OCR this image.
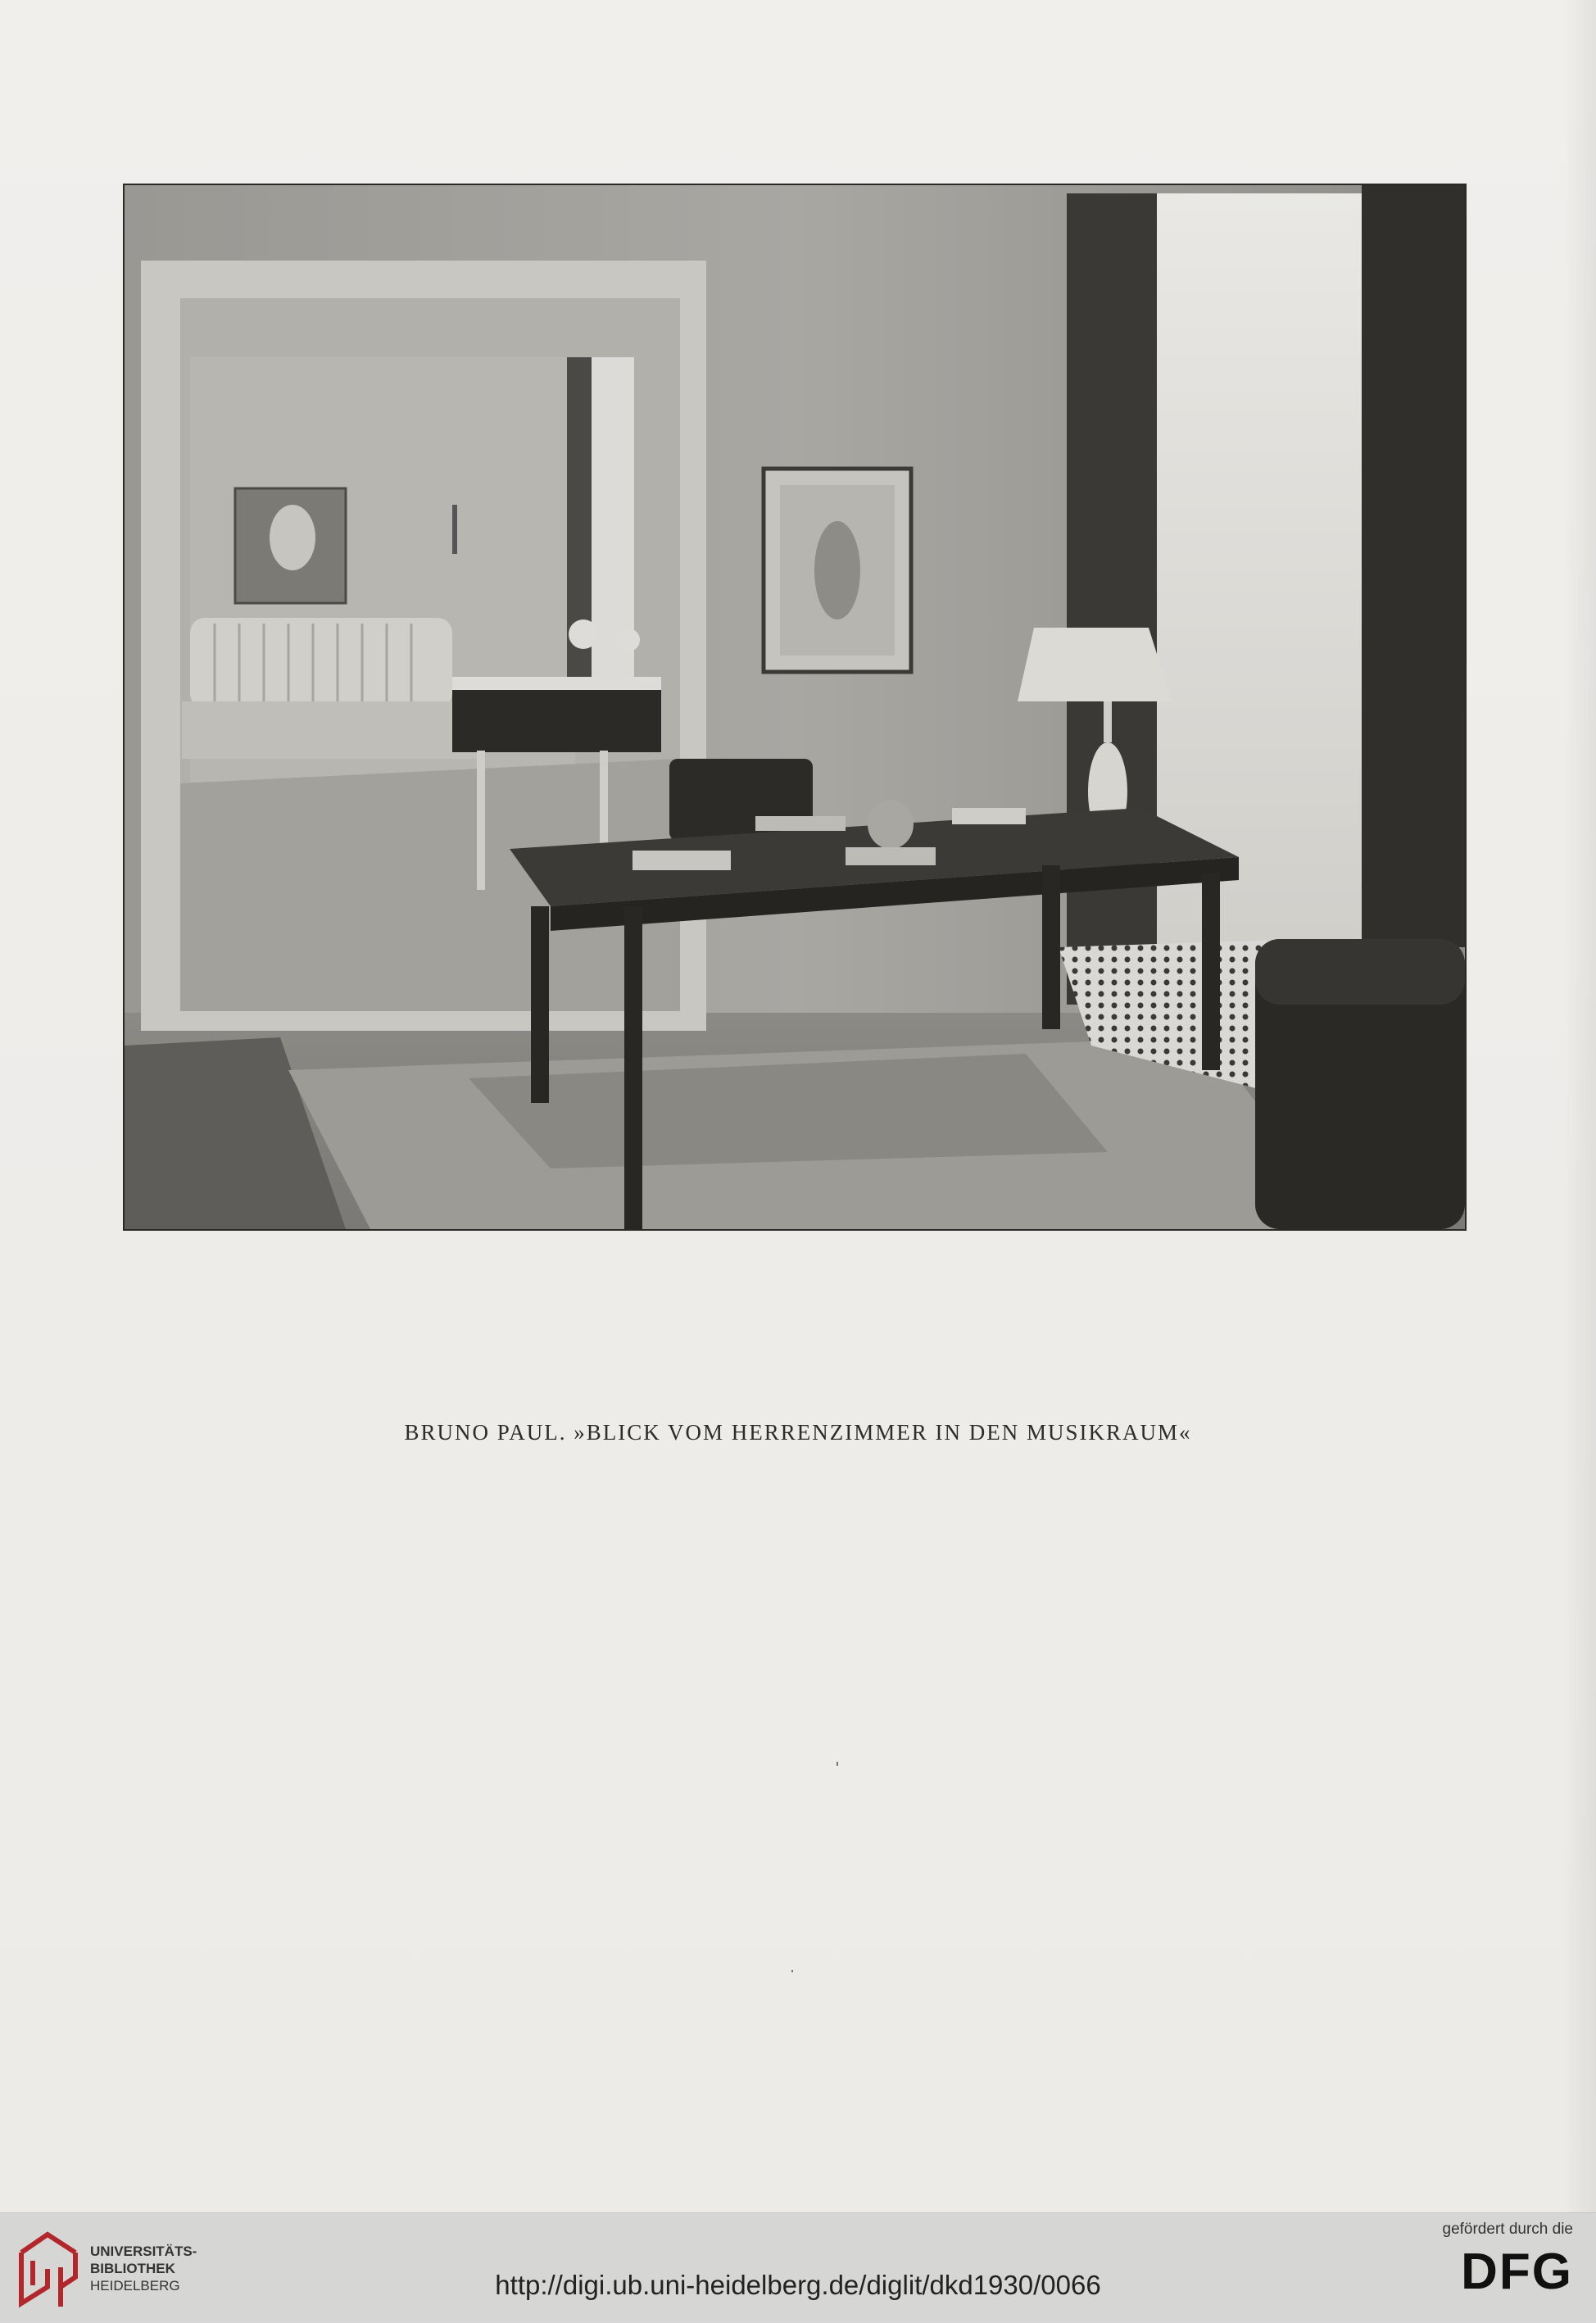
BRUNO PAUL. »BLICK VOM HERRENZIMMER IN DEN MUSIKRAUM«
UNIVERSITÄTS-
BIBLIOTHEK
HEIDELBERG	http://digi.ub.uni-heidelberg.de/diglit/dkd1930/0066
gefördert durch die
DFG
